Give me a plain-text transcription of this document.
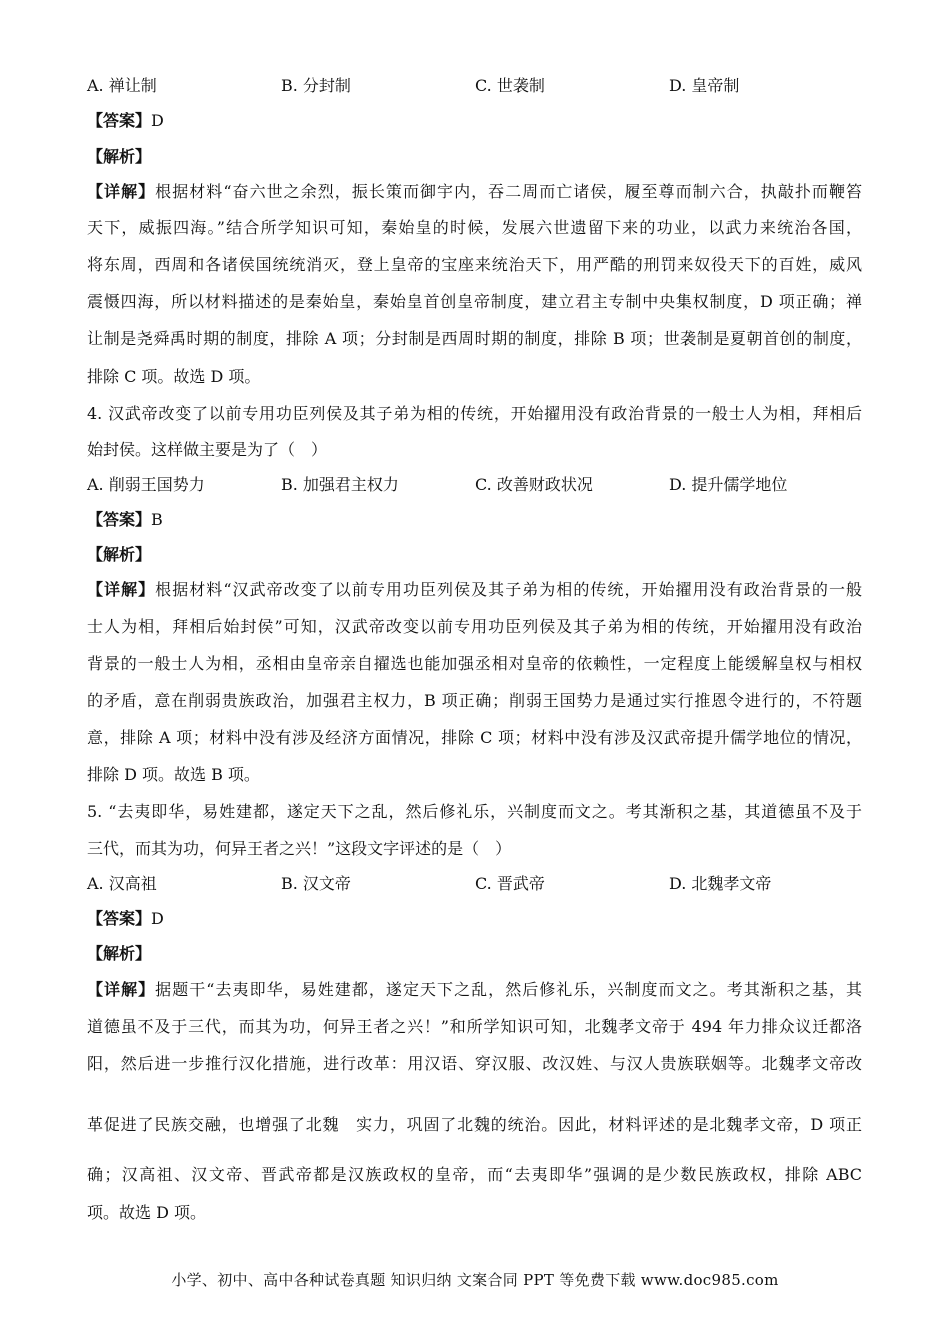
A. 禅让制	B. 分封制	C. 世袭制	D. 皇帝制
【答案】D
【解析】
【详解】根据材料“奋六世之余烈，振长策而御宇内，吞二周而亡诸侯，履至尊而制六合，执敲扑而鞭笞
天下，威振四海。”结合所学知识可知，秦始皇的时候，发展六世遗留下来的功业，以武力来统治各国，
将东周，西周和各诸侯国统统消灭，登上皇帝的宝座来统治天下，用严酷的刑罚来奴役天下的百姓，威风
震慑四海，所以材料描述的是秦始皇，秦始皇首创皇帝制度，建立君主专制中央集权制度，D 项正确；禅
让制是尧舜禹时期的制度，排除 A 项；分封制是西周时期的制度，排除 B 项；世袭制是夏朝首创的制度，
排除 C 项。故选 D 项。
4. 汉武帝改变了以前专用功臣列侯及其子弟为相的传统，开始擢用没有政治背景的一般士人为相，拜相后
始封侯。这样做主要是为了（　）
A. 削弱王国势力	B. 加强君主权力	C. 改善财政状况	D. 提升儒学地位
【答案】B
【解析】
【详解】根据材料“汉武帝改变了以前专用功臣列侯及其子弟为相的传统，开始擢用没有政治背景的一般
士人为相，拜相后始封侯”可知，汉武帝改变以前专用功臣列侯及其子弟为相的传统，开始擢用没有政治
背景的一般士人为相，丞相由皇帝亲自擢选也能加强丞相对皇帝的依赖性，一定程度上能缓解皇权与相权
的矛盾，意在削弱贵族政治，加强君主权力，B 项正确；削弱王国势力是通过实行推恩令进行的，不符题
意，排除 A 项；材料中没有涉及经济方面情况，排除 C 项；材料中没有涉及汉武帝提升儒学地位的情况，
排除 D 项。故选 B 项。
5. “去夷即华，易姓建都，遂定天下之乱，然后修礼乐，兴制度而文之。考其渐积之基，其道德虽不及于
三代，而其为功，何异王者之兴！”这段文字评述的是（　）
A. 汉高祖	B. 汉文帝	C. 晋武帝	D. 北魏孝文帝
【答案】D
【解析】
【详解】据题干“去夷即华，易姓建都，遂定天下之乱，然后修礼乐，兴制度而文之。考其渐积之基，其
道德虽不及于三代，而其为功，何异王者之兴！”和所学知识可知，北魏孝文帝于 494 年力排众议迁都洛
阳，然后进一步推行汉化措施，进行改革：用汉语、穿汉服、改汉姓、与汉人贵族联姻等。北魏孝文帝改
革促进了民族交融，也增强了北魏　实力，巩固了北魏的统治。因此，材料评述的是北魏孝文帝，D 项正
确；汉高祖、汉文帝、晋武帝都是汉族政权的皇帝，而“去夷即华”强调的是少数民族政权，排除 ABC
项。故选 D 项。
小学、初中、高中各种试卷真题 知识归纳 文案合同 PPT 等免费下载 www.doc985.com
